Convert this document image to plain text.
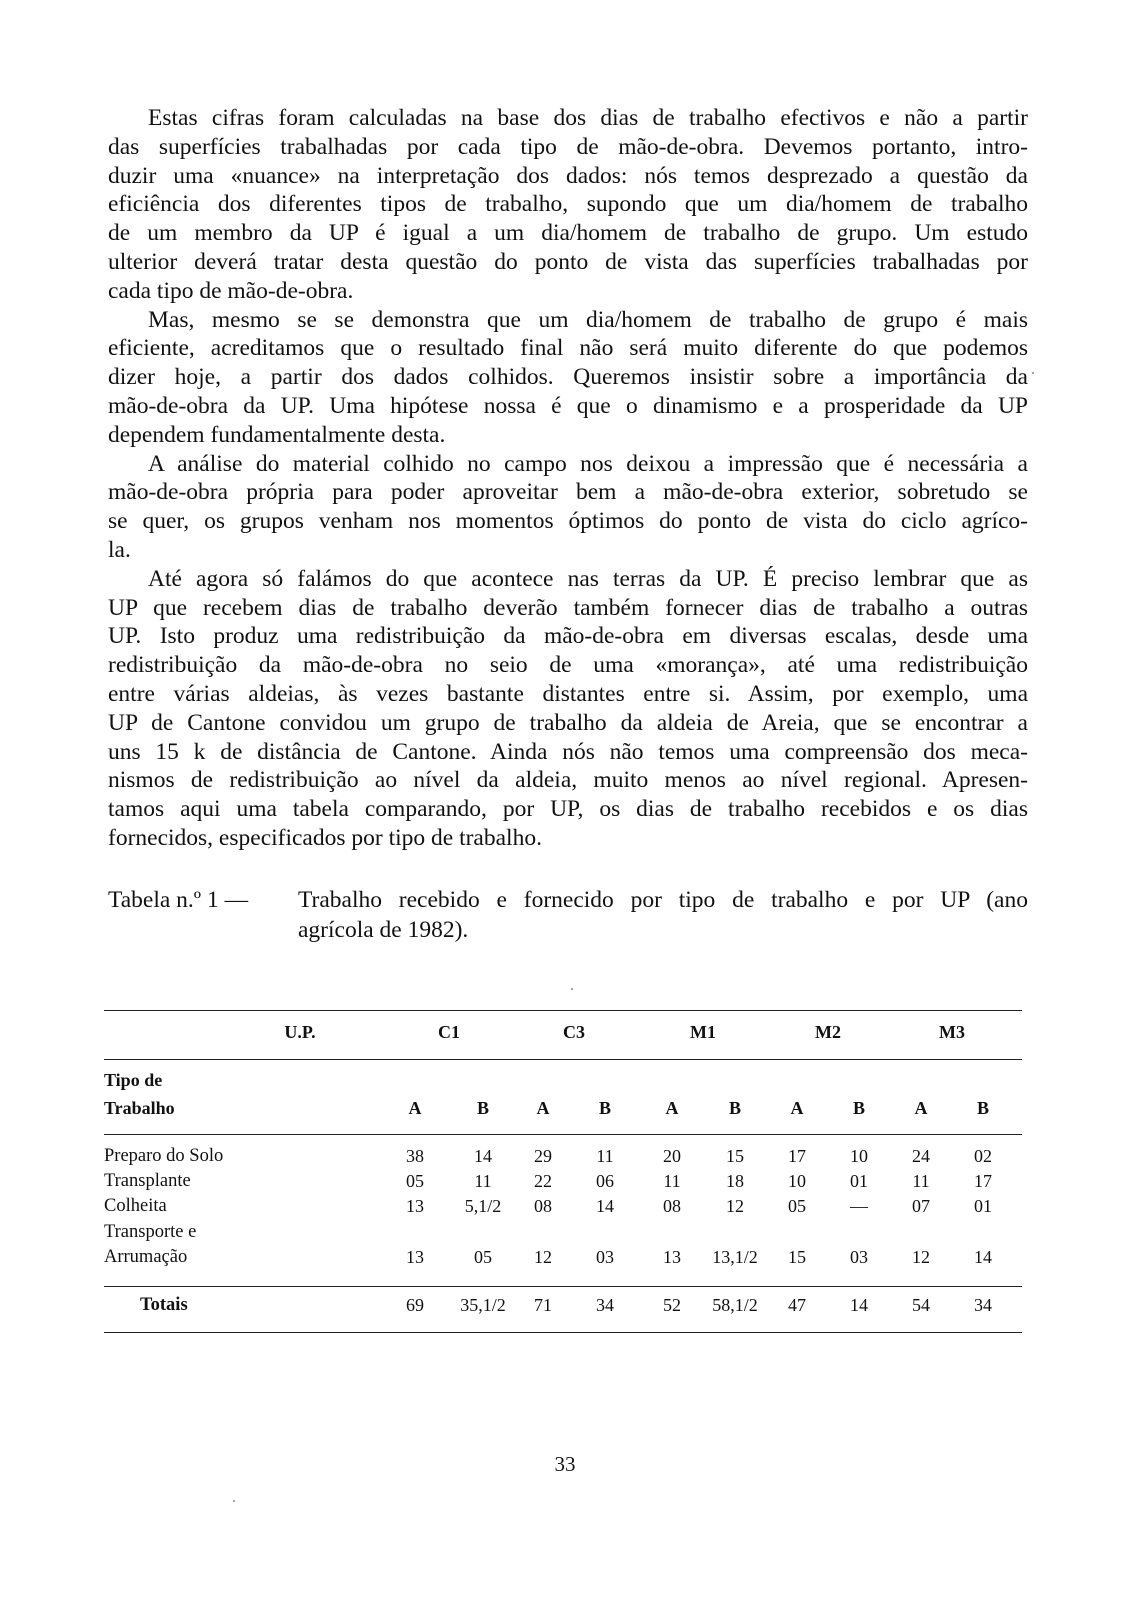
Estas cifras foram calculadas na base dos dias de trabalho efectivos e não a partir
das superfícies trabalhadas por cada tipo de mão-de-obra. Devemos portanto, intro-
duzir uma «nuance» na interpretação dos dados: nós temos desprezado a questão da
eficiência dos diferentes tipos de trabalho, supondo que um dia/homem de trabalho
de um membro da UP é igual a um dia/homem de trabalho de grupo. Um estudo
ulterior deverá tratar desta questão do ponto de vista das superfícies trabalhadas por
cada tipo de mão-de-obra.
Mas, mesmo se se demonstra que um dia/homem de trabalho de grupo é mais
eficiente, acreditamos que o resultado final não será muito diferente do que podemos
dizer hoje, a partir dos dados colhidos. Queremos insistir sobre a importância da
mão-de-obra da UP. Uma hipótese nossa é que o dinamismo e a prosperidade da UP
dependem fundamentalmente desta.
A análise do material colhido no campo nos deixou a impressão que é necessária a
mão-de-obra própria para poder aproveitar bem a mão-de-obra exterior, sobretudo se
se quer, os grupos venham nos momentos óptimos do ponto de vista do ciclo agríco-
la.
Até agora só falámos do que acontece nas terras da UP. É preciso lembrar que as
UP que recebem dias de trabalho deverão também fornecer dias de trabalho a outras
UP. Isto produz uma redistribuição da mão-de-obra em diversas escalas, desde uma
redistribuição da mão-de-obra no seio de uma «morança», até uma redistribuição
entre várias aldeias, às vezes bastante distantes entre si. Assim, por exemplo, uma
UP de Cantone convidou um grupo de trabalho da aldeia de Areia, que se encontrar a
uns 15 k de distância de Cantone. Ainda nós não temos uma compreensão dos meca-
nismos de redistribuição ao nível da aldeia, muito menos ao nível regional. Apresen-
tamos aqui uma tabela comparando, por UP, os dias de trabalho recebidos e os dias
fornecidos, especificados por tipo de trabalho.
Tabela n.º 1 — Trabalho recebido e fornecido por tipo de trabalho e por UP (ano
agrícola de 1982).
U.P.	C1	C3	M1	M2	M3
Tipo de
Trabalho	A	B	A	B	A	B	A	B	A	B
Preparo do Solo	38	14	29	11	20	15	17	10	24	02
Transplante	05	11	22	06	11	18	10	01	11	17
Colheita	13	5,1/2	08	14	08	12	05	—	07	01
Transporte e
Arrumação	13	05	12	03	13	13,1/2	15	03	12	14
Totais	69	35,1/2	71	34	52	58,1/2	47	14	54	34
33
